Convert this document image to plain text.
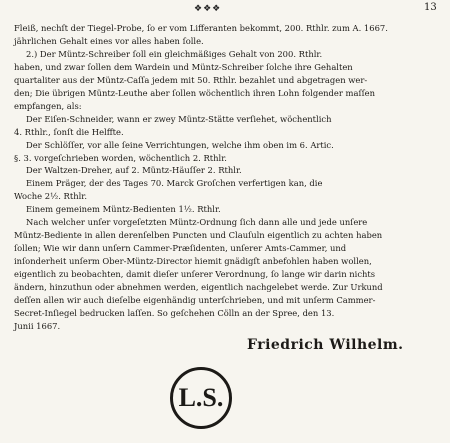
❖❖❖	13

Fleiß, nechſt der Tiegel-Probe, ſo er vom Lifferanten bekommt, 200. Rthlr. zum A. 1667.

jährlichen Gehalt eines vor alles haben ſolle.

2.) Der Müntz-Schreiber ſoll ein gleichmäßiges Gehalt von 200. Rthlr.

haben, und zwar ſollen dem Wardein und Müntz-Schreiber ſolche ihre Gehalten

quartaliter aus der Müntz-Caſſa jedem mit 50. Rthlr. bezahlet und abgetragen wer-

den; Die übrigen Müntz-Leuthe aber ſollen wöchentlich ihren Lohn folgender maſſen

empfangen, als:

Der Eiſen-Schneider, wann er zwey Müntz-Stätte verſiehet, wöchentlich

4. Rthlr., ſonſt die Helffte.

Der Schlöſſer, vor alle ſeine Verrichtungen, welche ihm oben im 6. Artic.

§. 3. vorgeſchrieben worden, wöchentlich 2. Rthlr.

Der Waltzen-Dreher, auf 2. Müntz-Häuſſer 2. Rthlr.

Einem Präger, der des Tages 70. Marck Groſchen verfertigen kan, die

Woche 2½. Rthlr.

Einem gemeinem Müntz-Bedienten 1½. Rthlr.

Nach welcher unſer vorgeſetzten Müntz-Ordnung ſich dann alle und jede unſere

Müntz-Bediente in allen derenſelben Puncten und Clauſuln eigentlich zu achten haben

ſollen; Wie wir dann unſern Cammer-Præſidenten, unſerer Amts-Cammer, und

inſonderheit unſerm Ober-Müntz-Director hiemit gnädigſt anbefohlen haben wollen,

eigentlich zu beobachten, damit dieſer unſerer Verordnung, ſo lange wir darin nichts

ändern, hinzuthun oder abnehmen werden, eigentlich nachgelebet werde. Zur Urkund

deſſen allen wir auch dieſelbe eigenhändig unterſchrieben, und mit unſerm Cammer-

Secret-Inſiegel bedrucken laſſen. So geſchehen Cölln an der Spree, den 13.

Junii 1667.

Friedrich Wilhelm.
L.S.
